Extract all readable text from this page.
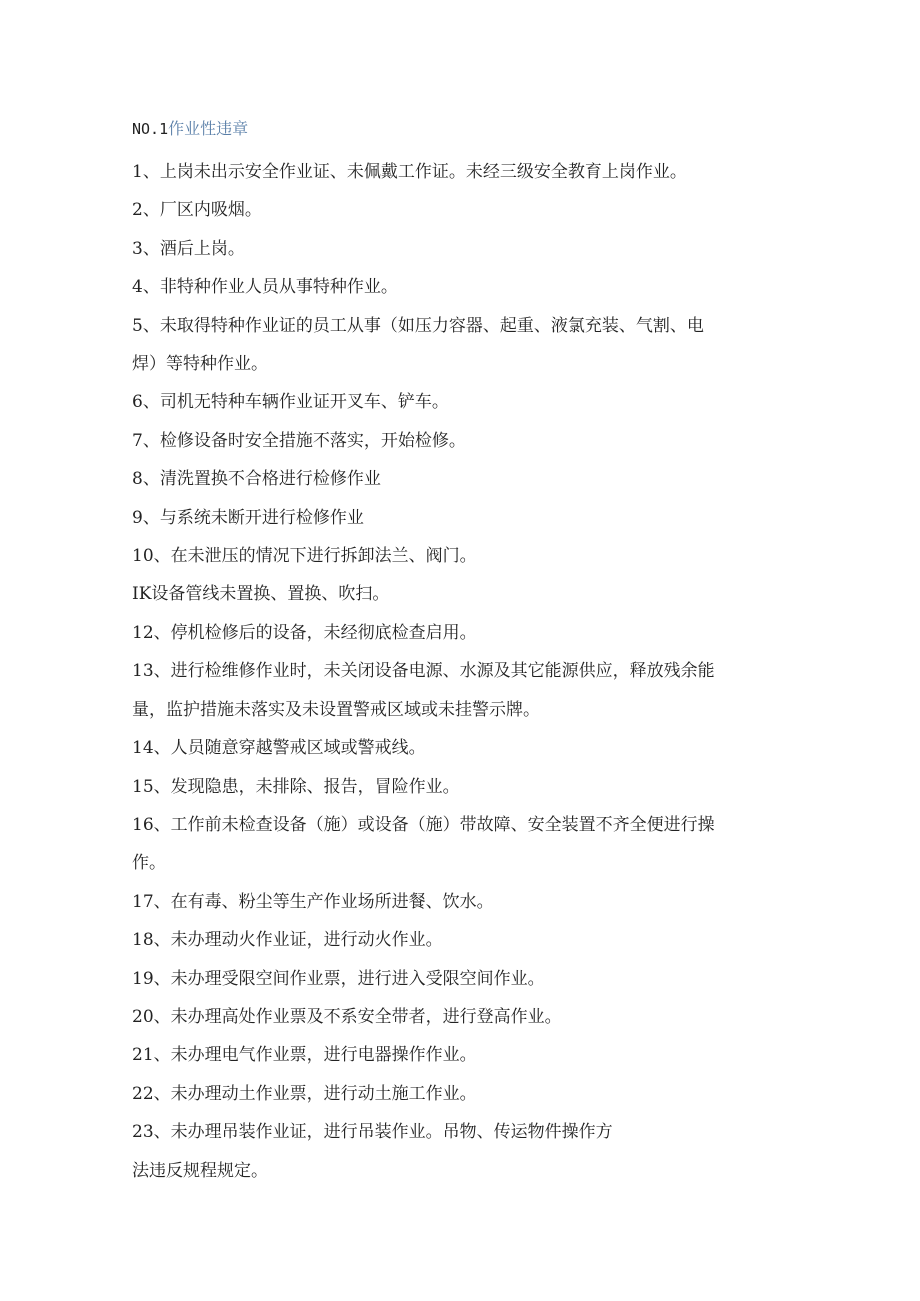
NO.1作业性违章

1、上岗未出示安全作业证、未佩戴工作证。未经三级安全教育上岗作业。

2、厂区内吸烟。

3、酒后上岗。

4、非特种作业人员从事特种作业。

5、未取得特种作业证的员工从事（如压力容器、起重、液氯充装、气割、电
焊）等特种作业。

6、司机无特种车辆作业证开叉车、铲车。

7、检修设备时安全措施不落实，开始检修。

8、清洗置换不合格进行检修作业

9、与系统未断开进行检修作业

10、在未泄压的情况下进行拆卸法兰、阀门。

IK设备管线未置换、置换、吹扫。

12、停机检修后的设备，未经彻底检查启用。

13、进行检维修作业时，未关闭设备电源、水源及其它能源供应，释放残余能
量，监护措施未落实及未设置警戒区域或未挂警示牌。

14、人员随意穿越警戒区域或警戒线。

15、发现隐患，未排除、报告，冒险作业。

16、工作前未检查设备（施）或设备（施）带故障、安全装置不齐全便进行操
作。

17、在有毒、粉尘等生产作业场所进餐、饮水。

18、未办理动火作业证，进行动火作业。

19、未办理受限空间作业票，进行进入受限空间作业。

20、未办理高处作业票及不系安全带者，进行登高作业。

21、未办理电气作业票，进行电器操作作业。

22、未办理动土作业票，进行动土施工作业。

23、未办理吊装作业证，进行吊装作业。吊物、传运物件操作方

法违反规程规定。
